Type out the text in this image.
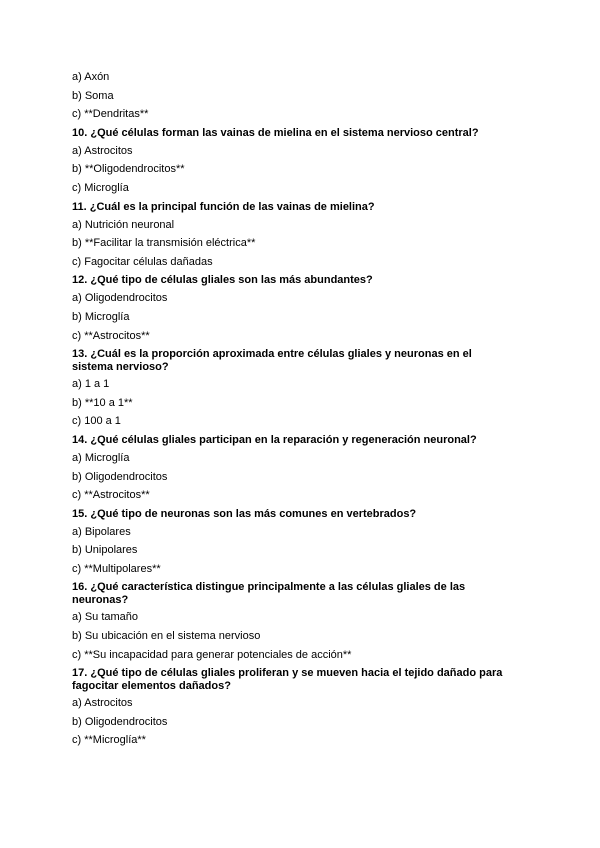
a) Axón

b) Soma

c) **Dendritas**

10. ¿Qué células forman las vainas de mielina en el sistema nervioso central?

a) Astrocitos

b) **Oligodendrocitos**

c) Microglía

11. ¿Cuál es la principal función de las vainas de mielina?

a) Nutrición neuronal

b) **Facilitar la transmisión eléctrica**

c) Fagocitar células dañadas

12. ¿Qué tipo de células gliales son las más abundantes?

a) Oligodendrocitos

b) Microglía

c) **Astrocitos**

13. ¿Cuál es la proporción aproximada entre células gliales y neuronas en el sistema nervioso?

a) 1 a 1

b) **10 a 1**

c) 100 a 1

14. ¿Qué células gliales participan en la reparación y regeneración neuronal?

a) Microglía

b) Oligodendrocitos

c) **Astrocitos**

15. ¿Qué tipo de neuronas son las más comunes en vertebrados?

a) Bipolares

b) Unipolares

c) **Multipolares**

16. ¿Qué característica distingue principalmente a las células gliales de las neuronas?

a) Su tamaño

b) Su ubicación en el sistema nervioso

c) **Su incapacidad para generar potenciales de acción**

17. ¿Qué tipo de células gliales proliferan y se mueven hacia el tejido dañado para fagocitar elementos dañados?

a) Astrocitos

b) Oligodendrocitos

c) **Microglía**
